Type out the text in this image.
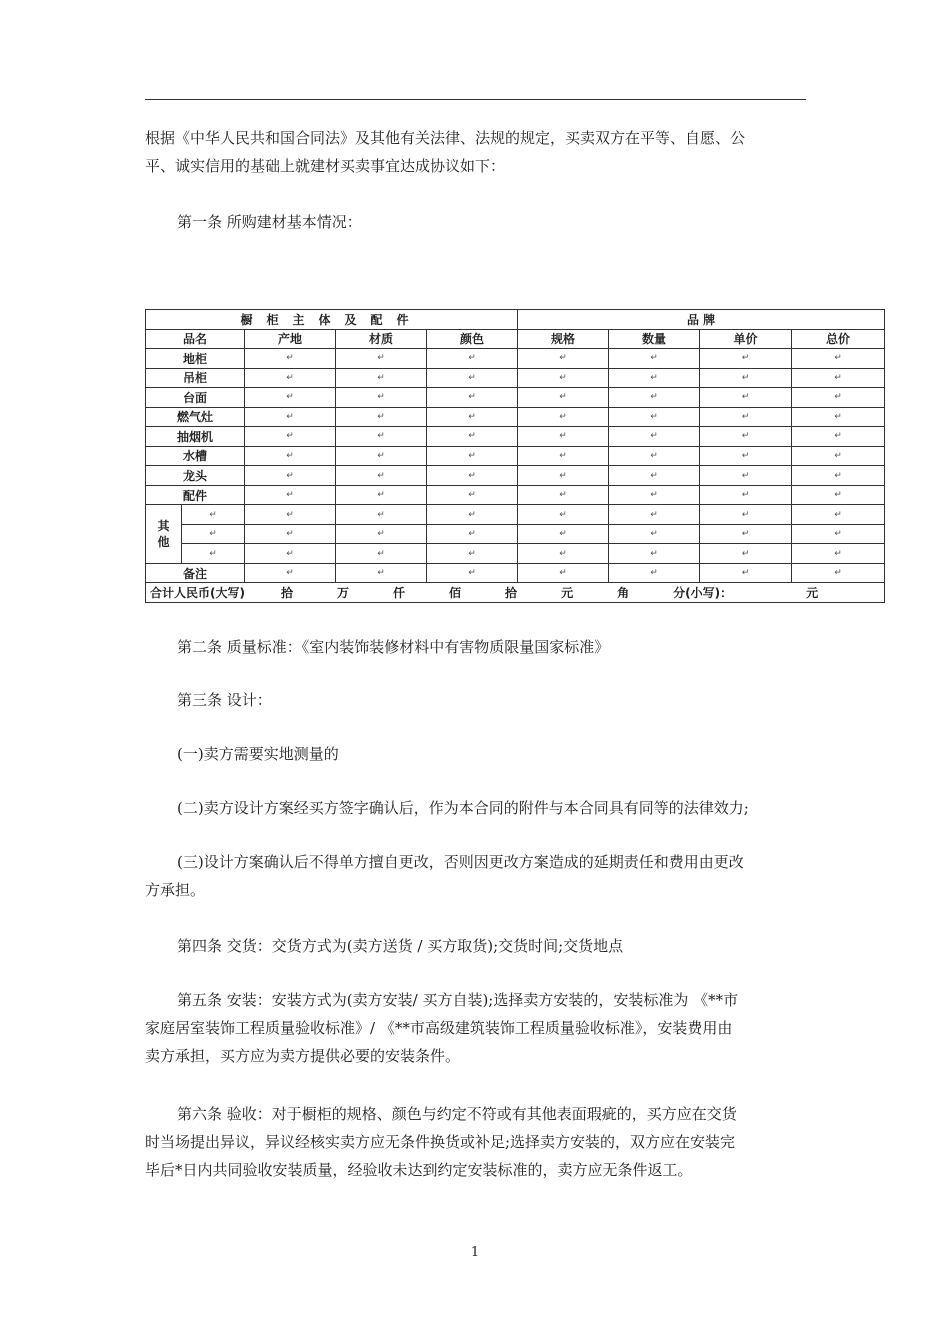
根据《中华人民共和国合同法》及其他有关法律、法规的规定，买卖双方在平等、自愿、公
平、诚实信用的基础上就建材买卖事宜达成协议如下：

第一条 所购建材基本情况：

橱柜主体及配件					品 牌			
品名		产地	材质	颜色	规格	数量	单价	总价
地柜		↵	↵	↵	↵	↵	↵	↵
吊柜		↵	↵	↵	↵	↵	↵	↵
台面		↵	↵	↵	↵	↵	↵	↵
燃气灶		↵	↵	↵	↵	↵	↵	↵
抽烟机		↵	↵	↵	↵	↵	↵	↵
水槽		↵	↵	↵	↵	↵	↵	↵
龙头		↵	↵	↵	↵	↵	↵	↵
配件		↵	↵	↵	↵	↵	↵	↵
其
他	↵	↵	↵	↵	↵	↵	↵	↵
	↵	↵	↵	↵	↵	↵	↵	↵
	↵	↵	↵	↵	↵	↵	↵	↵
备注		↵	↵	↵	↵	↵	↵	↵
合计人民币(大写) 拾 万 仟 佰 拾 元 角 分(小写)： 元								

第二条 质量标准：《室内装饰装修材料中有害物质限量国家标准》

第三条 设计：

(一)卖方需要实地测量的

(二)卖方设计方案经买方签字确认后，作为本合同的附件与本合同具有同等的法律效力;

(三)设计方案确认后不得单方擅自更改，否则因更改方案造成的延期责任和费用由更改
方承担。

第四条 交货：交货方式为(卖方送货 / 买方取货);交货时间;交货地点

第五条 安装：安装方式为(卖方安装/ 买方自装);选择卖方安装的，安装标准为 《**市
家庭居室装饰工程质量验收标准》/ 《**市高级建筑装饰工程质量验收标准》，安装费用由
卖方承担，买方应为卖方提供必要的安装条件。

第六条 验收：对于橱柜的规格、颜色与约定不符或有其他表面瑕疵的，买方应在交货
时当场提出异议，异议经核实卖方应无条件换货或补足;选择卖方安装的，双方应在安装完
毕后*日内共同验收安装质量，经验收未达到约定安装标准的，卖方应无条件返工。

1
